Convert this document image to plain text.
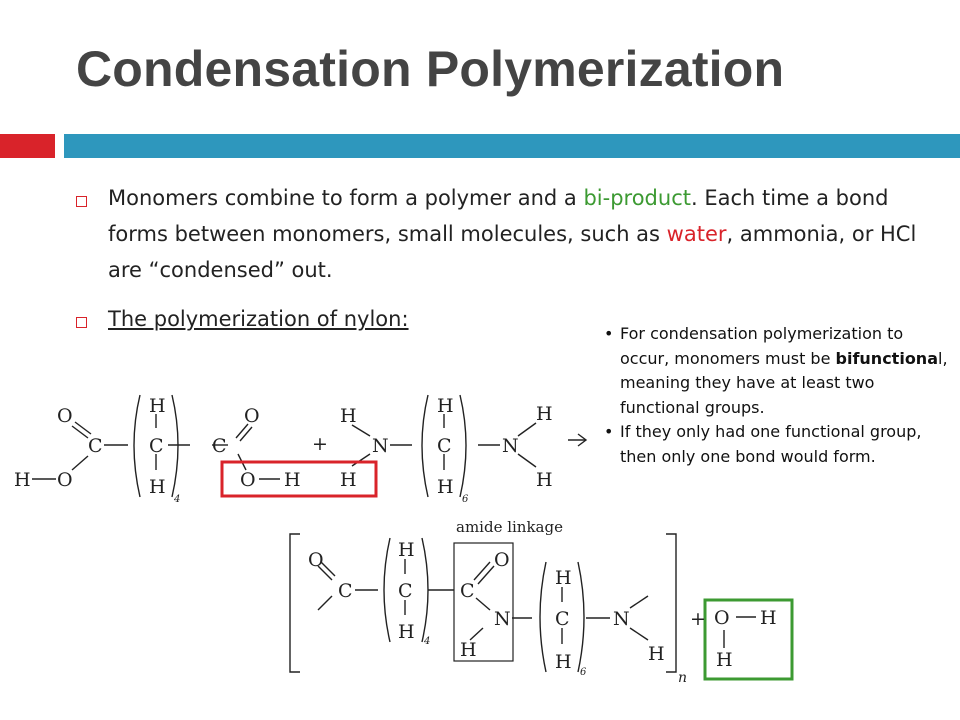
Condensation Polymerization
Monomers combine to form a polymer and a bi-product. Each time a bond forms between monomers, small molecules, such as water, ammonia, or HCl are “condensed” out.
The polymerization of nylon:
• For condensation polymerization to occur, monomers must be bifunctional, meaning they have at least two functional groups.
• If they only had one functional group, then only one bond would form.
O
C
H O
H
C
H
C
O
O H
+
H
N
H
H
C
H
N
H
H
O
C
H
C
H
C
O
N
H
H
C
H
N
H
+ O H
H
4	6
4
6	n
amide linkage
